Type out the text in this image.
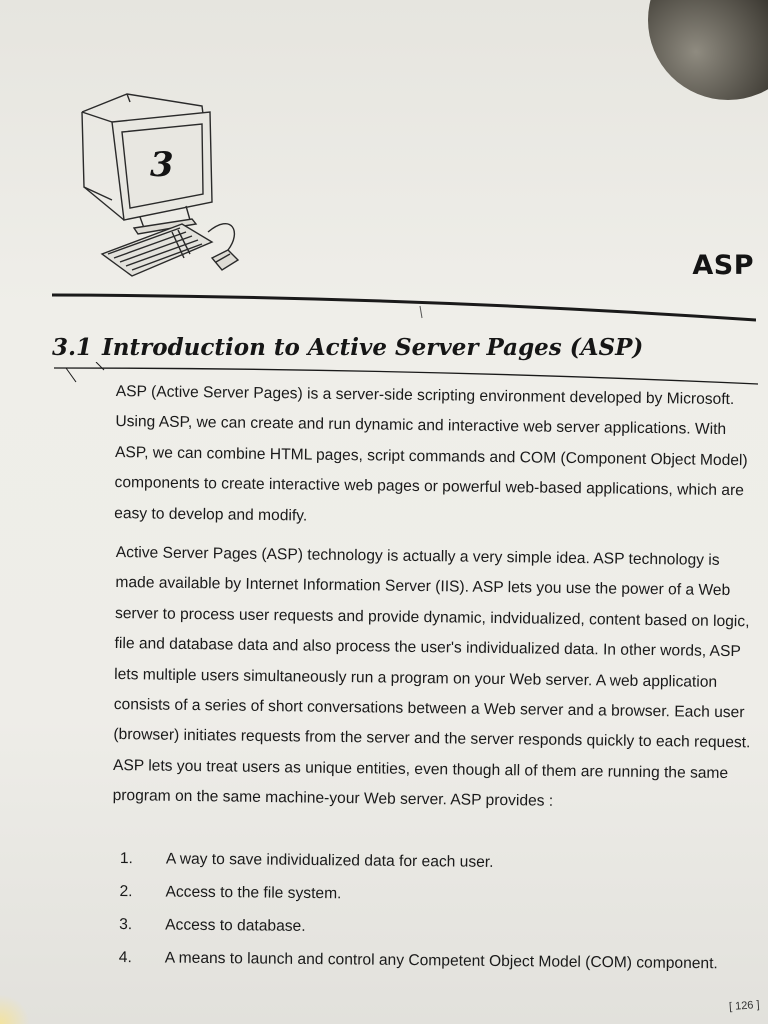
3
ASP
3.1 Introduction to Active Server Pages (ASP)

ASP (Active Server Pages) is a server-side scripting environment developed by Microsoft. Using ASP, we can create and run dynamic and interactive web server applications. With ASP, we can combine HTML pages, script commands and COM (Component Object Model) components to create interactive web pages or powerful web-based applications, which are easy to develop and modify.

Active Server Pages (ASP) technology is actually a very simple idea. ASP technology is made available by Internet Information Server (IIS). ASP lets you use the power of a Web server to process user requests and provide dynamic, indvidualized, content based on logic, file and database data and also process the user's individualized data. In other words, ASP lets multiple users simultaneously run a program on your Web server. A web application consists of a series of short conversations between a Web server and a browser. Each user (browser) initiates requests from the server and the server responds quickly to each request. ASP lets you treat users as unique entities, even though all of them are running the same program on the same machine-your Web server. ASP provides :

1.	A way to save individualized data for each user.
2.	Access to the file system.
3.	Access to database.
4.	A means to launch and control any Competent Object Model (COM) component.
[ 126 ]
